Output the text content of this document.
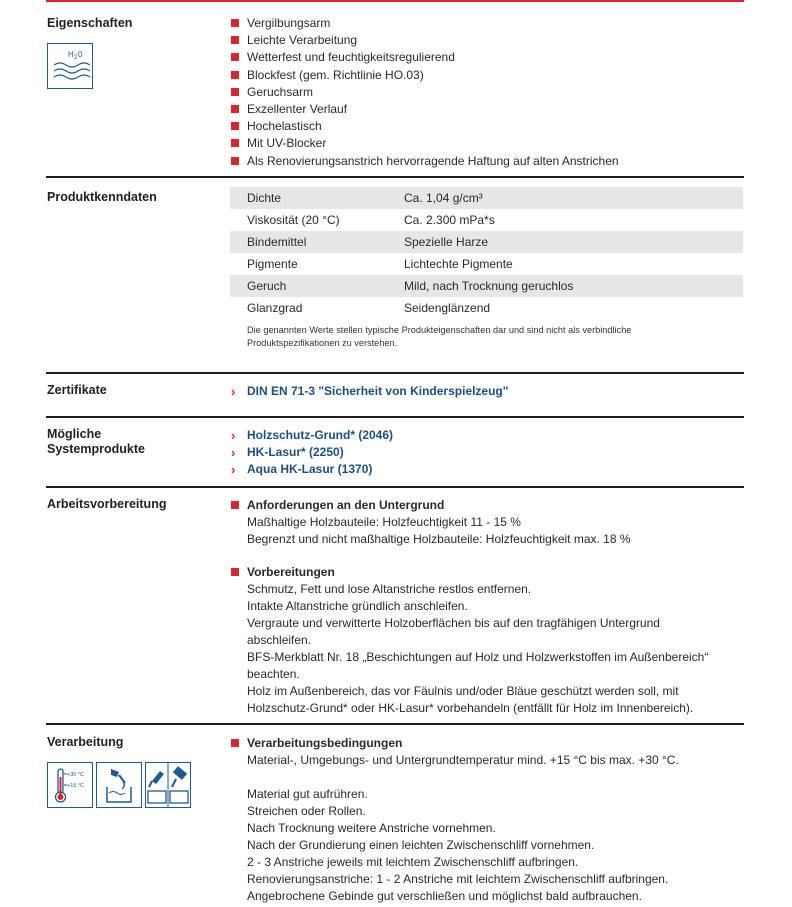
Eigenschaften
H 2 0
Vergilbungsarm
Leichte Verarbeitung
Wetterfest und feuchtigkeitsregulierend
Blockfest (gem. Richtlinie HO.03)
Geruchsarm
Exzellenter Verlauf
Hochelastisch
Mit UV-Blocker
Als Renovierungsanstrich hervorragende Haftung auf alten Anstrichen
Produktkenndaten	Dichte	Ca. 1,04 g/cm³
Viskosität (20 °C)	Ca. 2.300 mPa*s
Bindemittel	Spezielle Harze
Pigmente	Lichtechte Pigmente
Geruch	Mild, nach Trocknung geruchlos
Glanzgrad	Seidenglänzend
Die genannten Werte stellen typische Produkteigenschaften dar und sind nicht als verbindliche Produktspezifikationen zu verstehen.
Zertifikate	› DIN EN 71-3 "Sicherheit von Kinderspielzeug"
Mögliche
Systemprodukte
› Holzschutz-Grund* (2046)
› HK-Lasur* (2250)
› Aqua HK-Lasur (1370)
Arbeitsvorbereitung	Anforderungen an den Untergrund
Maßhaltige Holzbauteile: Holzfeuchtigkeit 11 - 15 %
Begrenzt und nicht maßhaltige Holzbauteile: Holzfeuchtigkeit max. 18 %
Vorbereitungen
Schmutz, Fett und lose Altanstriche restlos entfernen.
Intakte Altanstriche gründlich anschleifen.
Vergraute und verwitterte Holzoberflächen bis auf den tragfähigen Untergrund
abschleifen.
BFS-Merkblatt Nr. 18 „Beschichtungen auf Holz und Holzwerkstoffen im Außenbereich“
beachten.
Holz im Außenbereich, das vor Fäulnis und/oder Bläue geschützt werden soll, mit
Holzschutz-Grund* oder HK-Lasur* vorbehandeln (entfällt für Holz im Innenbereich).
Verarbeitung
+30 °C
+15 °C
Verarbeitungsbedingungen
Material-, Umgebungs- und Untergrundtemperatur mind. +15 °C bis max. +30 °C.
Material gut aufrühren.
Streichen oder Rollen.
Nach Trocknung weitere Anstriche vornehmen.
Nach der Grundierung einen leichten Zwischenschliff vornehmen.
2 - 3 Anstriche jeweils mit leichtem Zwischenschliff aufbringen.
Renovierungsanstriche: 1 - 2 Anstriche mit leichtem Zwischenschliff aufbringen.
Angebrochene Gebinde gut verschließen und möglichst bald aufbrauchen.
